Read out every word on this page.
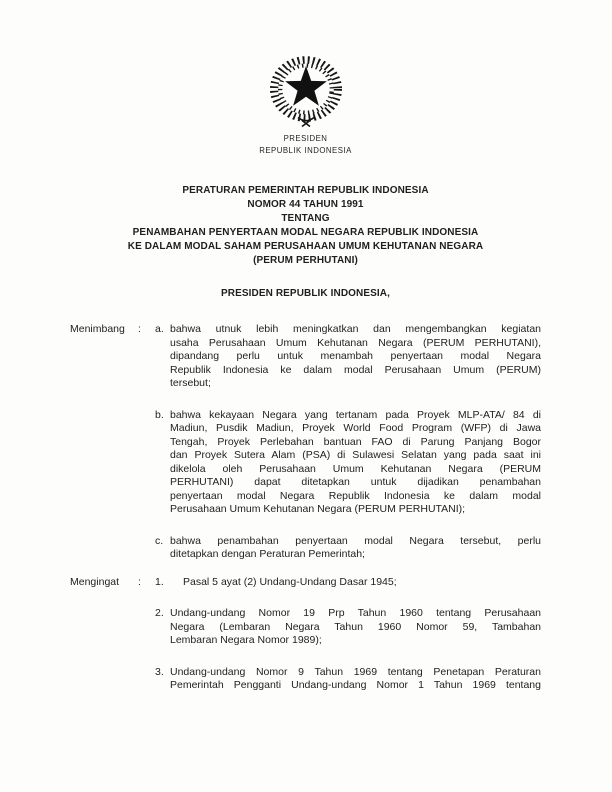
PRESIDEN
REPUBLIK INDONESIA
PERATURAN PEMERINTAH REPUBLIK INDONESIA
NOMOR 44 TAHUN 1991
TENTANG
PENAMBAHAN PENYERTAAN MODAL NEGARA REPUBLIK INDONESIA
KE DALAM MODAL SAHAM PERUSAHAAN UMUM KEHUTANAN NEGARA
(PERUM PERHUTANI)
PRESIDEN REPUBLIK INDONESIA,
Menimbang	:	a. bahwa utnuk lebih meningkatkan dan mengembangkan kegiatan
usaha Perusahaan Umum Kehutanan Negara (PERUM PERHUTANI),
dipandang perlu untuk menambah penyertaan modal Negara
Republik Indonesia ke dalam modal Perusahaan Umum (PERUM)
tersebut;
b. bahwa kekayaan Negara yang tertanam pada Proyek MLP-ATA/ 84 di
Madiun, Pusdik Madiun, Proyek World Food Program (WFP) di Jawa
Tengah, Proyek Perlebahan bantuan FAO di Parung Panjang Bogor
dan Proyek Sutera Alam (PSA) di Sulawesi Selatan yang pada saat ini
dikelola oleh Perusahaan Umum Kehutanan Negara (PERUM
PERHUTANI) dapat ditetapkan untuk dijadikan penambahan
penyertaan modal Negara Republik Indonesia ke dalam modal
Perusahaan Umum Kehutanan Negara (PERUM PERHUTANI);
c. bahwa penambahan penyertaan modal Negara tersebut, perlu
ditetapkan dengan Peraturan Pemerintah;
Mengingat	:	1.	Pasal 5 ayat (2) Undang-Undang Dasar 1945;
2. Undang-undang Nomor 19 Prp Tahun 1960 tentang Perusahaan
Negara (Lembaran Negara Tahun 1960 Nomor 59, Tambahan
Lembaran Negara Nomor 1989);
3. Undang-undang Nomor 9 Tahun 1969 tentang Penetapan Peraturan
Pemerintah Pengganti Undang-undang Nomor 1 Tahun 1969 tentang
